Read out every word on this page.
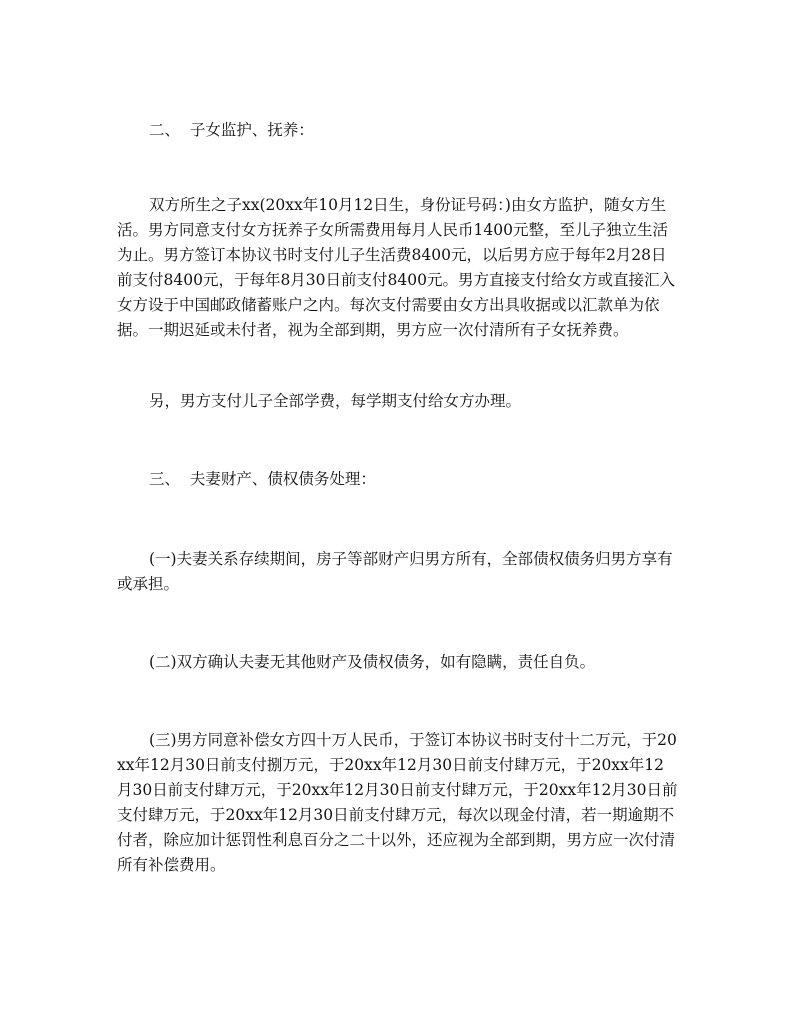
二、  子女监护、抚养：

双方所生之子xx(20xx年10月12日生，身份证号码：)由女方监护，随女方生活。男方同意支付女方抚养子女所需费用每月人民币1400元整，至儿子独立生活为止。男方签订本协议书时支付儿子生活费8400元，以后男方应于每年2月28日前支付8400元，于每年8月30日前支付8400元。男方直接支付给女方或直接汇入女方设于中国邮政储蓄账户之内。每次支付需要由女方出具收据或以汇款单为依据。一期迟延或未付者，视为全部到期，男方应一次付清所有子女抚养费。

另，男方支付儿子全部学费，每学期支付给女方办理。

三、  夫妻财产、债权债务处理：

(一)夫妻关系存续期间，房子等部财产归男方所有，全部债权债务归男方享有或承担。

(二)双方确认夫妻无其他财产及债权债务，如有隐瞒，责任自负。

(三)男方同意补偿女方四十万人民币，于签订本协议书时支付十二万元，于20xx年12月30日前支付捌万元，于20xx年12月30日前支付肆万元，于20xx年12月30日前支付肆万元，于20xx年12月30日前支付肆万元，于20xx年12月30日前支付肆万元，于20xx年12月30日前支付肆万元，每次以现金付清，若一期逾期不付者，除应加计惩罚性利息百分之二十以外，还应视为全部到期，男方应一次付清所有补偿费用。
